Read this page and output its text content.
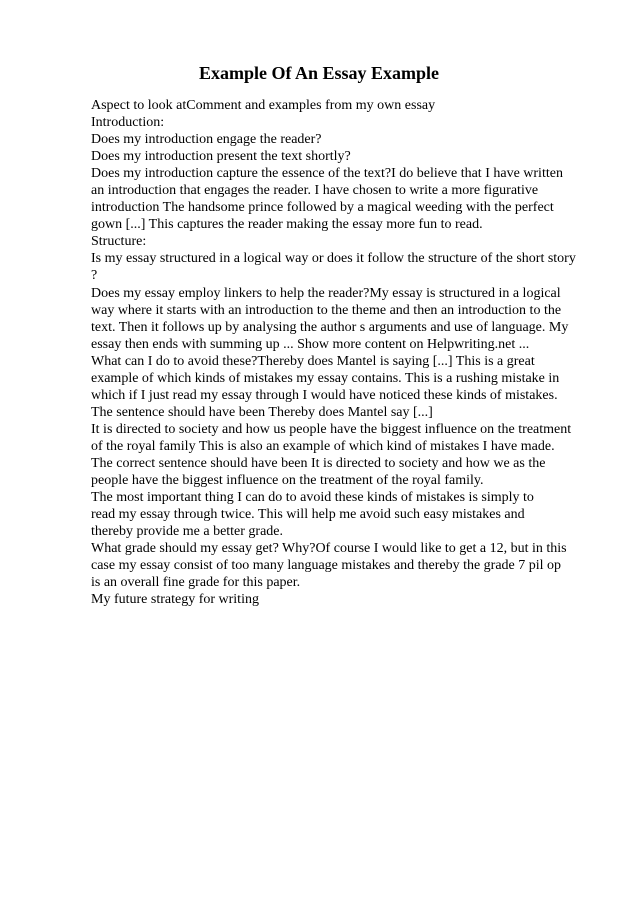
Example Of An Essay Example

Aspect to look atComment and examples from my own essay

Introduction:

Does my introduction engage the reader?

Does my introduction present the text shortly?

Does my introduction capture the essence of the text?I do believe that I have written

an introduction that engages the reader. I have chosen to write a more figurative

introduction The handsome prince followed by a magical weeding with the perfect

gown [...] This captures the reader making the essay more fun to read.

Structure:

Is my essay structured in a logical way or does it follow the structure of the short story

?

Does my essay employ linkers to help the reader?My essay is structured in a logical

way where it starts with an introduction to the theme and then an introduction to the

text. Then it follows up by analysing the author s arguments and use of language. My

essay then ends with summing up ... Show more content on Helpwriting.net ...

What can I do to avoid these?Thereby does Mantel is saying [...] This is a great

example of which kinds of mistakes my essay contains. This is a rushing mistake in

which if I just read my essay through I would have noticed these kinds of mistakes.

The sentence should have been Thereby does Mantel say [...]

It is directed to society and how us people have the biggest influence on the treatment

of the royal family This is also an example of which kind of mistakes I have made.

The correct sentence should have been It is directed to society and how we as the

people have the biggest influence on the treatment of the royal family.

The most important thing I can do to avoid these kinds of mistakes is simply to

read my essay through twice. This will help me avoid such easy mistakes and

thereby provide me a better grade.

What grade should my essay get? Why?Of course I would like to get a 12, but in this

case my essay consist of too many language mistakes and thereby the grade 7 pil op

is an overall fine grade for this paper.

My future strategy for writing
